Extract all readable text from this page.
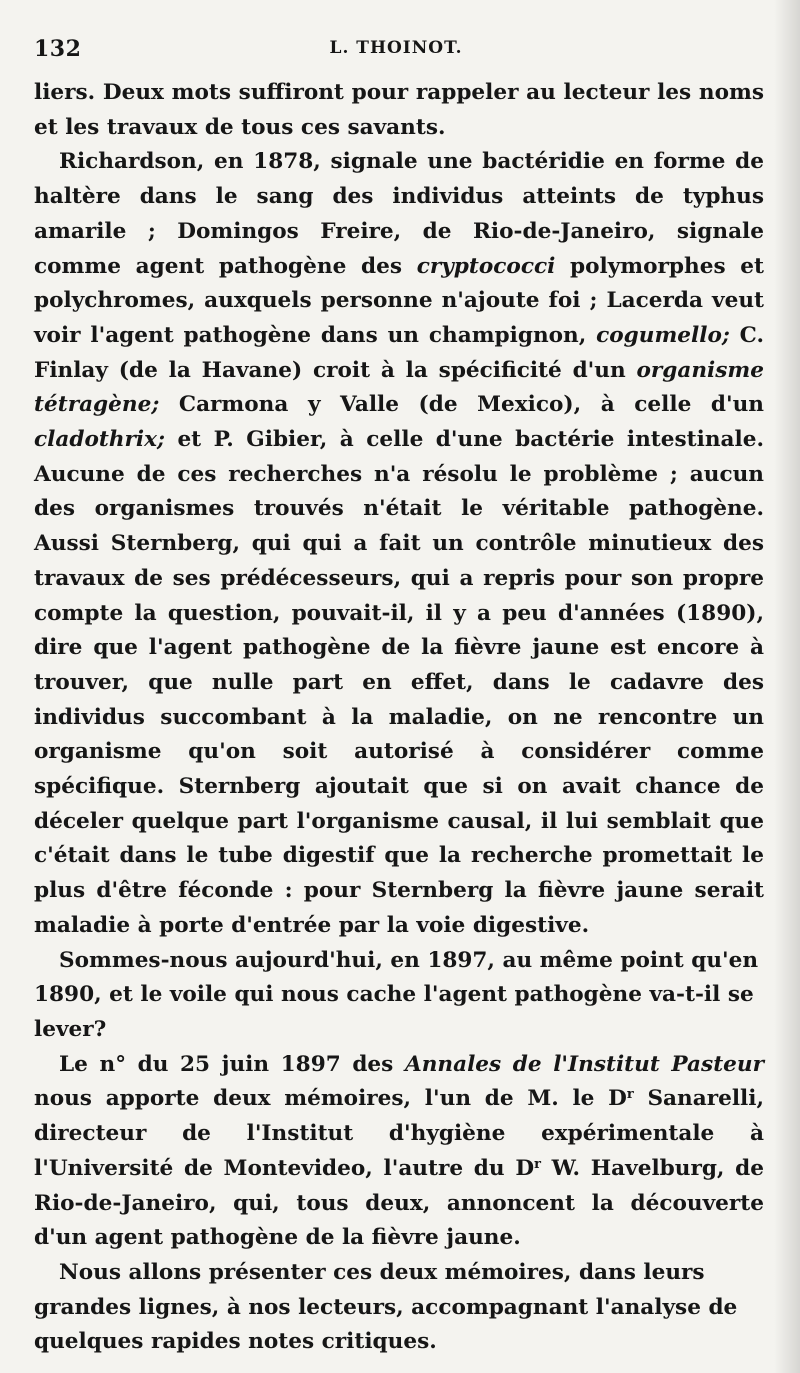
132	L. THOINOT.

liers. Deux mots suffiront pour rappeler au lecteur les noms et les travaux de tous ces savants.

Richardson, en 1878, signale une bactéridie en forme de haltère dans le sang des individus atteints de typhus amarile ; Domingos Freire, de Rio-de-Janeiro, signale comme agent pathogène des cryptococci polymorphes et polychromes, auxquels personne n'ajoute foi ; Lacerda veut voir l'agent pathogène dans un champignon, cogumello; C. Finlay (de la Havane) croit à la spécificité d'un organisme tétragène; Carmona y Valle (de Mexico), à celle d'un cladothrix; et P. Gibier, à celle d'une bactérie intestinale. Aucune de ces recherches n'a résolu le problème ; aucun des organismes trouvés n'était le véritable pathogène. Aussi Sternberg, qui qui a fait un contrôle minutieux des travaux de ses prédécesseurs, qui a repris pour son propre compte la question, pouvait-il, il y a peu d'années (1890), dire que l'agent pathogène de la fièvre jaune est encore à trouver, que nulle part en effet, dans le cadavre des individus succombant à la maladie, on ne rencontre un organisme qu'on soit autorisé à considérer comme spécifique. Sternberg ajoutait que si on avait chance de déceler quelque part l'organisme causal, il lui semblait que c'était dans le tube digestif que la recherche promettait le plus d'être féconde : pour Sternberg la fièvre jaune serait maladie à porte d'entrée par la voie digestive.

Sommes-nous aujourd'hui, en 1897, au même point qu'en 1890, et le voile qui nous cache l'agent pathogène va-t-il se lever?

Le n° du 25 juin 1897 des Annales de l'Institut Pasteur nous apporte deux mémoires, l'un de M. le $D^r$ Sanarelli, directeur de l'Institut d'hygiène expérimentale à l'Université de Montevideo, l'autre du $D^r$ W. Havelburg, de Rio-de-Janeiro, qui, tous deux, annoncent la découverte d'un agent pathogène de la fièvre jaune.

Nous allons présenter ces deux mémoires, dans leurs grandes lignes, à nos lecteurs, accompagnant l'analyse de quelques rapides notes critiques.
